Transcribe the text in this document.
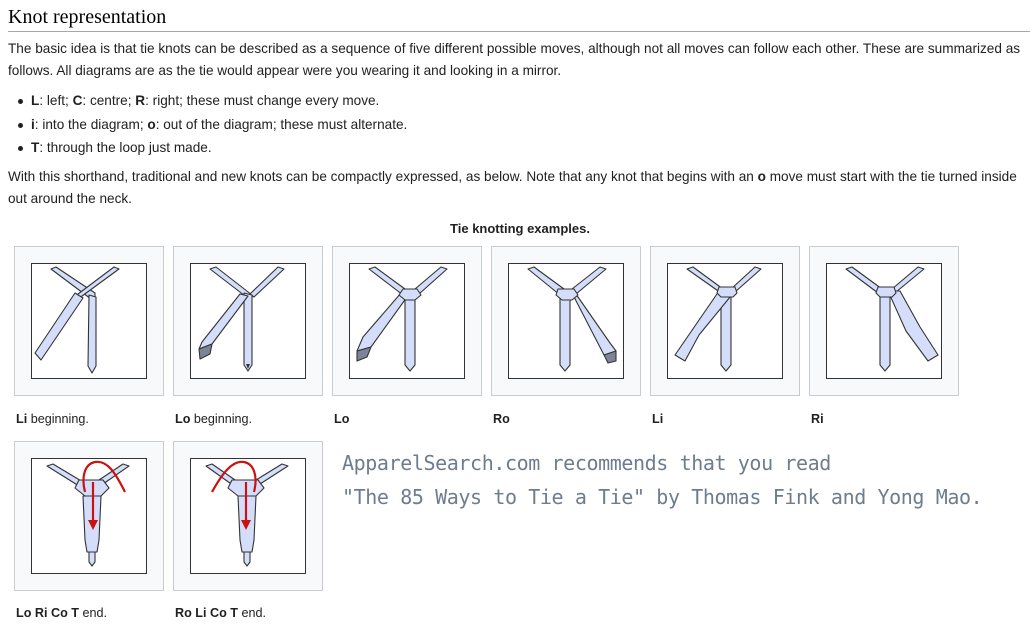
Knot representation

The basic idea is that tie knots can be described as a sequence of five different possible moves, although not all moves can follow each other. These are summarized as follows. All diagrams are as the tie would appear were you wearing it and looking in a mirror.

L: left; C: centre; R: right; these must change every move.
i: into the diagram; o: out of the diagram; these must alternate.
T: through the loop just made.

With this shorthand, traditional and new knots can be compactly expressed, as below. Note that any knot that begins with an o move must start with the tie turned inside out around the neck.

Tie knotting examples.
Li beginning.	Lo beginning.	Lo	Ro	Li	Ri
Lo Ri Co T end.	Ro Li Co T end.
ApparelSearch.com recommends that you read
"The 85 Ways to Tie a Tie" by Thomas Fink and Yong Mao.
